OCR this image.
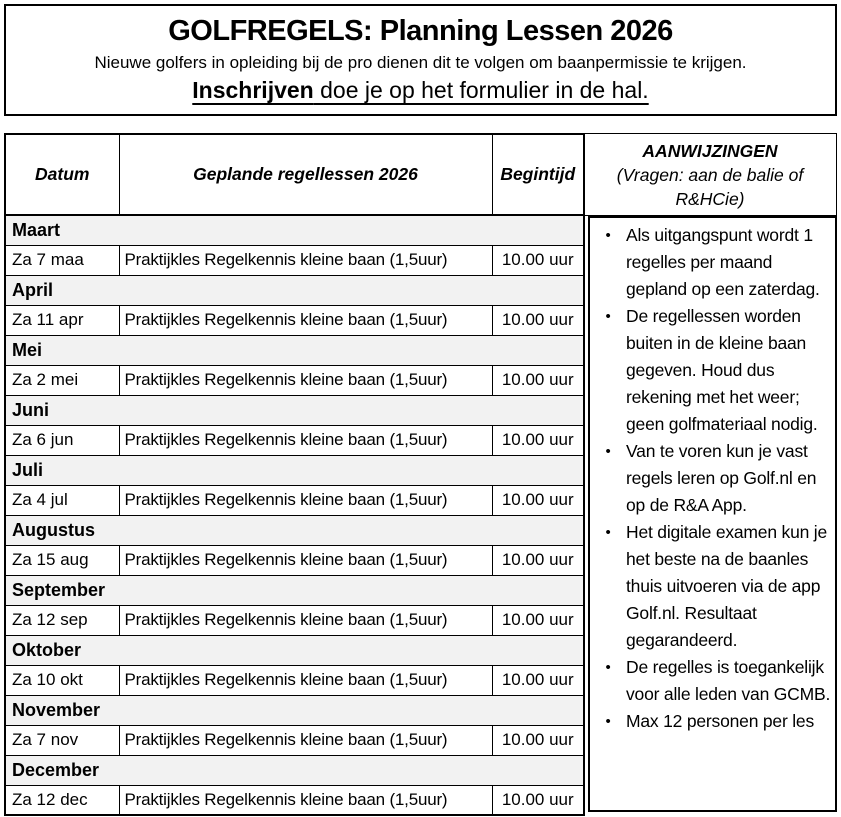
GOLFREGELS: Planning Lessen 2026
Nieuwe golfers in opleiding bij de pro dienen dit te volgen om baanpermissie te krijgen.
Inschrijven doe je op het formulier in de hal.
Datum	Geplande regellessen 2026	Begintijd
Maart		
Za 7 maa	Praktijkles Regelkennis kleine baan (1,5uur)	10.00 uur
April		
Za 11 apr	Praktijkles Regelkennis kleine baan (1,5uur)	10.00 uur
Mei		
Za 2 mei	Praktijkles Regelkennis kleine baan (1,5uur)	10.00 uur
Juni		
Za 6 jun	Praktijkles Regelkennis kleine baan (1,5uur)	10.00 uur
Juli		
Za 4 jul	Praktijkles Regelkennis kleine baan (1,5uur)	10.00 uur
Augustus		
Za 15 aug	Praktijkles Regelkennis kleine baan (1,5uur)	10.00 uur
September		
Za 12 sep	Praktijkles Regelkennis kleine baan (1,5uur)	10.00 uur
Oktober		
Za 10 okt	Praktijkles Regelkennis kleine baan (1,5uur)	10.00 uur
November		
Za 7 nov	Praktijkles Regelkennis kleine baan (1,5uur)	10.00 uur
December		
Za 12 dec	Praktijkles Regelkennis kleine baan (1,5uur)	10.00 uur
AANWIJZINGEN
(Vragen: aan de balie of R&HCie)
• Als uitgangspunt wordt 1 regelles per maand gepland op een zaterdag.
• De regellessen worden buiten in de kleine baan gegeven. Houd dus rekening met het weer; geen golfmateriaal nodig.
• Van te voren kun je vast regels leren op Golf.nl en op de R&A App.
• Het digitale examen kun je het beste na de baanles thuis uitvoeren via de app Golf.nl. Resultaat gegarandeerd.
• De regelles is toegankelijk voor alle leden van GCMB.
• Max 12 personen per les
